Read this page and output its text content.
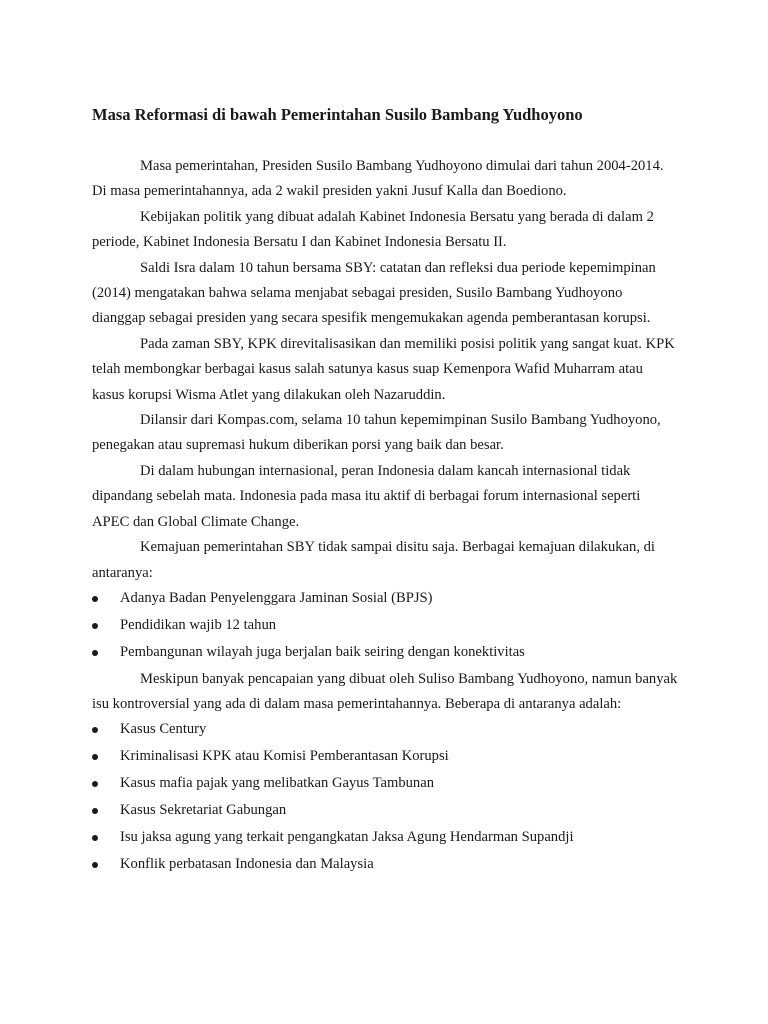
Masa Reformasi di bawah Pemerintahan Susilo Bambang Yudhoyono

Masa pemerintahan, Presiden Susilo Bambang Yudhoyono dimulai dari tahun 2004-2014. Di masa pemerintahannya, ada 2 wakil presiden yakni Jusuf Kalla dan Boediono.

Kebijakan politik yang dibuat adalah Kabinet Indonesia Bersatu yang berada di dalam 2 periode, Kabinet Indonesia Bersatu I dan Kabinet Indonesia Bersatu II.

Saldi Isra dalam 10 tahun bersama SBY: catatan dan refleksi dua periode kepemimpinan (2014) mengatakan bahwa selama menjabat sebagai presiden, Susilo Bambang Yudhoyono dianggap sebagai presiden yang secara spesifik mengemukakan agenda pemberantasan korupsi.

Pada zaman SBY, KPK direvitalisasikan dan memiliki posisi politik yang sangat kuat. KPK telah membongkar berbagai kasus salah satunya kasus suap Kemenpora Wafid Muharram atau kasus korupsi Wisma Atlet yang dilakukan oleh Nazaruddin.

Dilansir dari Kompas.com, selama 10 tahun kepemimpinan Susilo Bambang Yudhoyono, penegakan atau supremasi hukum diberikan porsi yang baik dan besar.

Di dalam hubungan internasional, peran Indonesia dalam kancah internasional tidak dipandang sebelah mata. Indonesia pada masa itu aktif di berbagai forum internasional seperti APEC dan Global Climate Change.

Kemajuan pemerintahan SBY tidak sampai disitu saja. Berbagai kemajuan dilakukan, di antaranya:

Adanya Badan Penyelenggara Jaminan Sosial (BPJS)
Pendidikan wajib 12 tahun
Pembangunan wilayah juga berjalan baik seiring dengan konektivitas

Meskipun banyak pencapaian yang dibuat oleh Suliso Bambang Yudhoyono, namun banyak isu kontroversial yang ada di dalam masa pemerintahannya. Beberapa di antaranya adalah:

Kasus Century
Kriminalisasi KPK atau Komisi Pemberantasan Korupsi
Kasus mafia pajak yang melibatkan Gayus Tambunan
Kasus Sekretariat Gabungan
Isu jaksa agung yang terkait pengangkatan Jaksa Agung Hendarman Supandji
Konflik perbatasan Indonesia dan Malaysia
